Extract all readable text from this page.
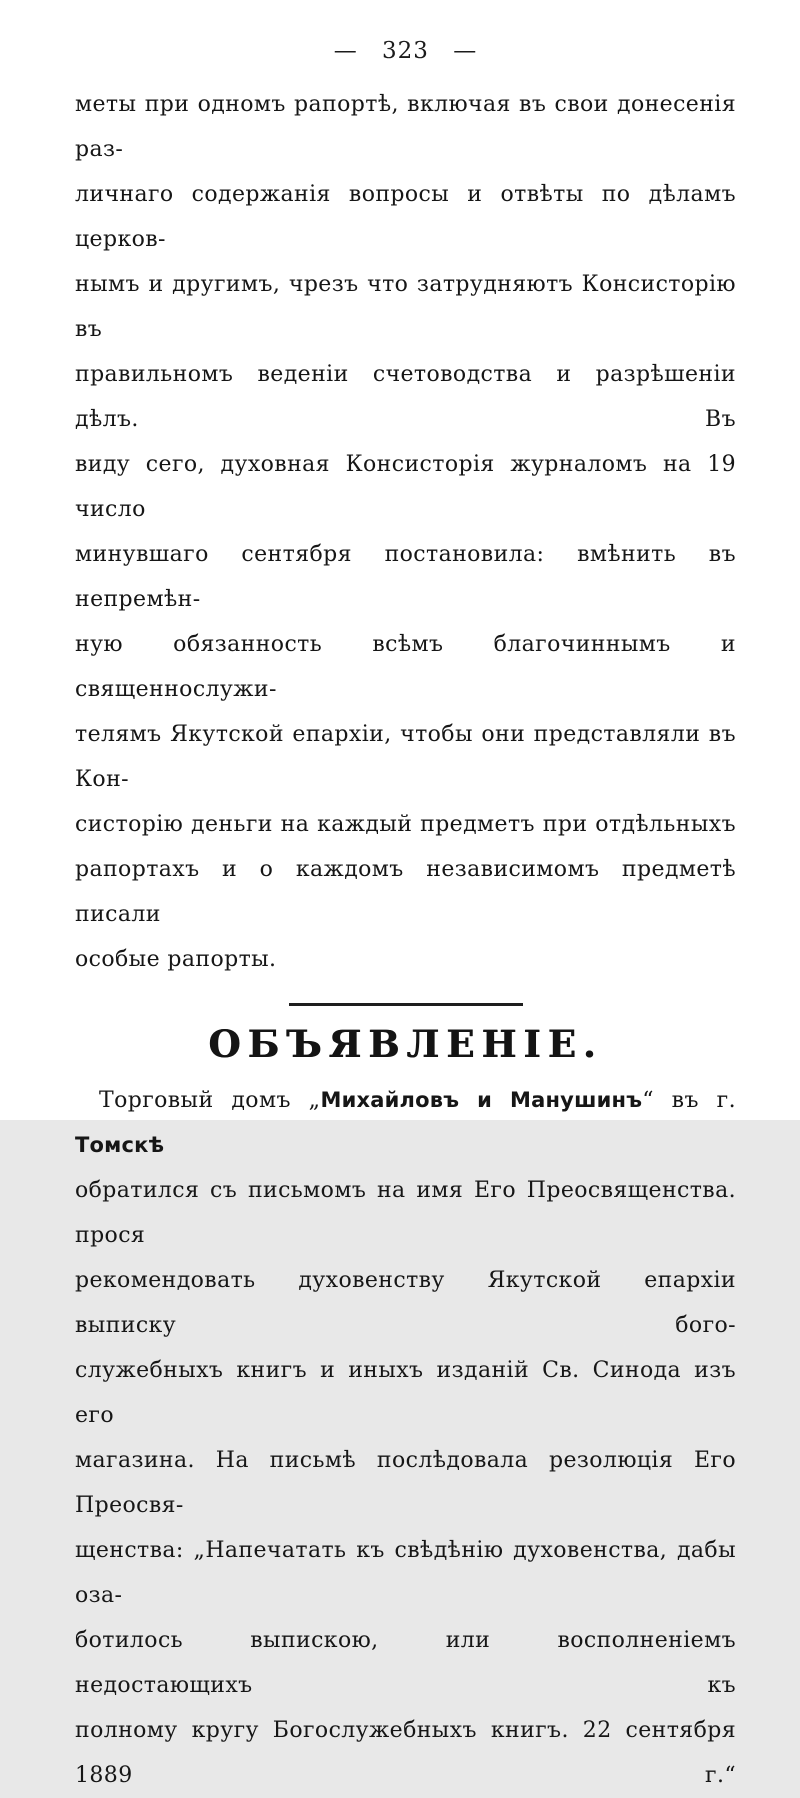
— 323 —
меты при одномъ рапортѣ, включая въ свои донесенія раз-
личнаго содержанія вопросы и отвѣты по дѣламъ церков-
нымъ и другимъ, чрезъ что затрудняютъ Консисторію въ
правильномъ веденіи счетоводства и разрѣшеніи дѣлъ. Въ
виду сего, духовная Консисторія журналомъ на 19 число
минувшаго сентября постановила: вмѣнить въ непремѣн-
ную обязанность всѣмъ благочиннымъ и священнослужи-
телямъ Якутской епархіи, чтобы они представляли въ Кон-
систорію деньги на каждый предметъ при отдѣльныхъ
рапортахъ и о каждомъ независимомъ предметѣ писали
особые рапорты.
ОБЪЯВЛЕНІЕ.
Торговый домъ „Михайловъ и Манушинъ“ въ г. Томскѣ
обратился съ письмомъ на имя Его Преосвященства. прося
рекомендовать духовенству Якутской епархіи выписку бого-
служебныхъ книгъ и иныхъ изданій Св. Синода изъ его
магазина. На письмѣ послѣдовала резолюція Его Преосвя-
щенства: „Напечатать къ свѣдѣнію духовенства, дабы оза-
ботилось выпискою, или восполненіемъ недостающихъ къ
полному кругу Богослужебныхъ книгъ. 22 сентября 1889 г.“
